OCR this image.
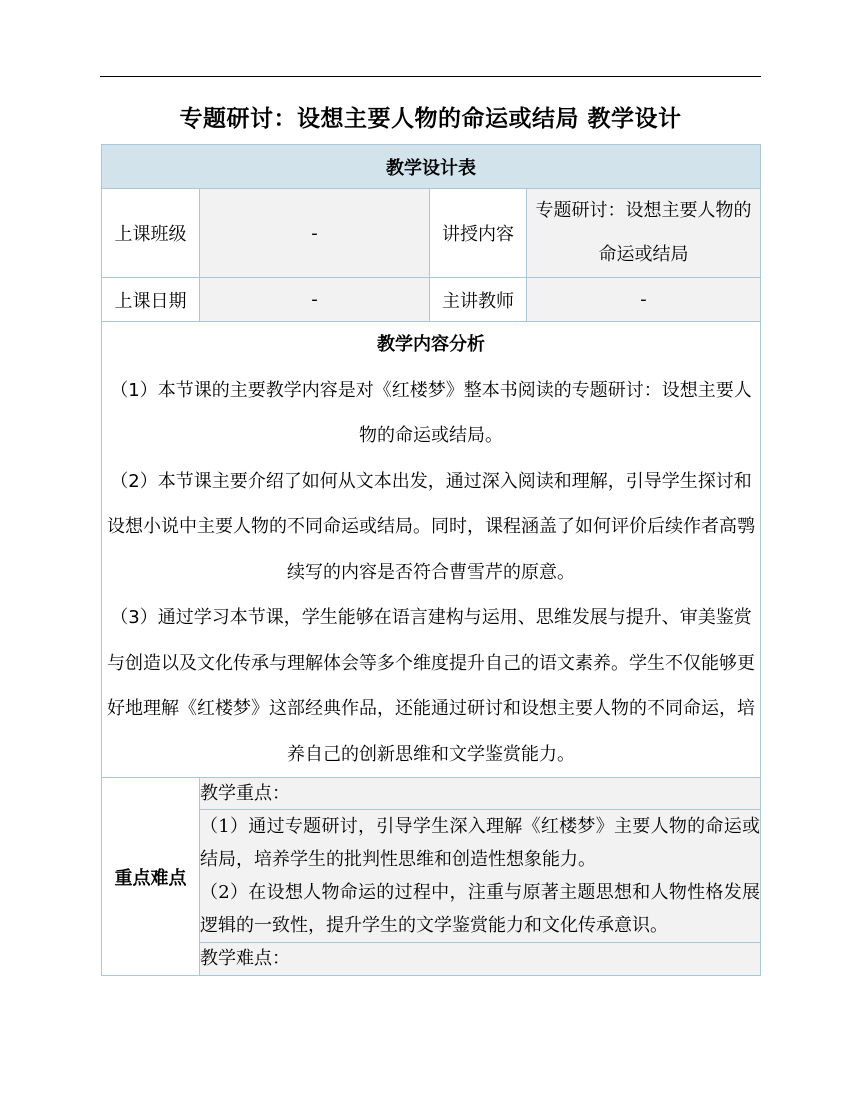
专题研讨：设想主要人物的命运或结局 教学设计
教学设计表			
上课班级	-	讲授内容	专题研讨：设想主要人物的命运或结局
上课日期	-	主讲教师	-

教学内容分析
（1）本节课的主要教学内容是对《红楼梦》整本书阅读的专题研讨：设想主要人物的命运或结局。
（2）本节课主要介绍了如何从文本出发，通过深入阅读和理解，引导学生探讨和设想小说中主要人物的不同命运或结局。同时，课程涵盖了如何评价后续作者高鹗续写的内容是否符合曹雪芹的原意。
（3）通过学习本节课，学生能够在语言建构与运用、思维发展与提升、审美鉴赏与创造以及文化传承与理解体会等多个维度提升自己的语文素养。学生不仅能够更好地理解《红楼梦》这部经典作品，还能通过研讨和设想主要人物的不同命运，培养自己的创新思维和文学鉴赏能力。			

重点难点	教学重点：		

	（1）通过专题研讨，引导学生深入理解《红楼梦》主要人物的命运或结局，培养学生的批判性思维和创造性想象能力。
（2）在设想人物命运的过程中，注重与原著主题思想和人物性格发展逻辑的一致性，提升学生的文学鉴赏能力和文化传承意识。		

	教学难点：		
